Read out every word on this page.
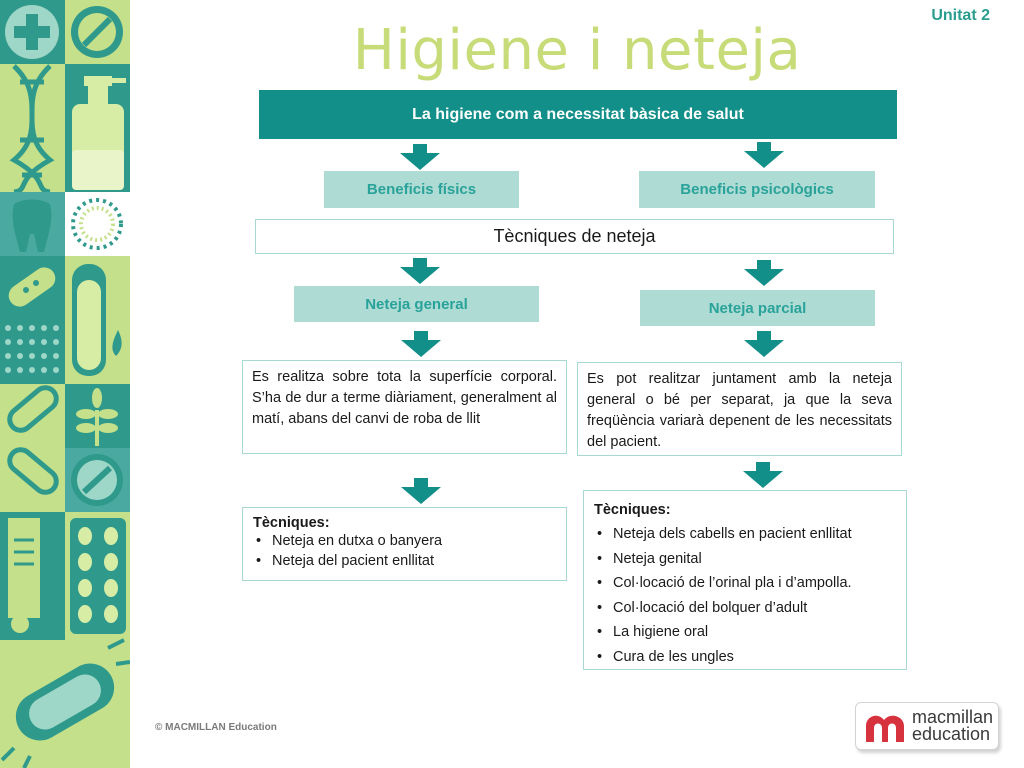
Unitat 2
Higiene i neteja
La higiene com a necessitat bàsica de salut
Beneficis físics	Beneficis psicològics
Tècniques de neteja
Neteja general	Neteja parcial
Es realitza sobre tota la superfície corporal. S’ha de dur a terme diàriament, generalment al matí, abans del canvi de roba de llit
Es pot realitzar juntament amb la neteja general o bé per separat, ja que la seva freqüència variarà depenent de les necessitats del pacient.
Tècniques:
• Neteja en dutxa o banyera
• Neteja del pacient enllitat
Tècniques:
• Neteja dels cabells en pacient enllitat
• Neteja genital
• Col·locació de l’orinal pla i d’ampolla.
• Col·locació del bolquer d’adult
• La higiene oral
• Cura de les ungles
© MACMILLAN Education
macmillan
education
